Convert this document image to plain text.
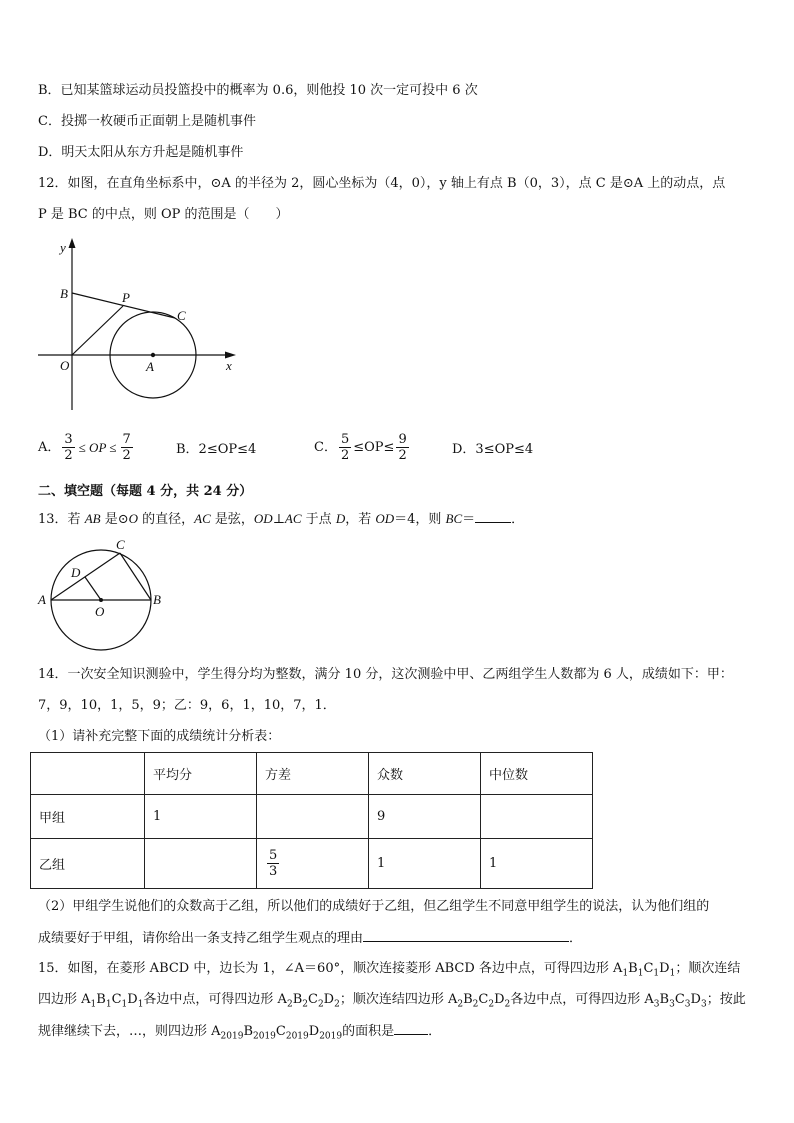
B．已知某篮球运动员投篮投中的概率为 0.6，则他投 10 次一定可投中 6 次
C．投掷一枚硬币正面朝上是随机事件
D．明天太阳从东方升起是随机事件
12．如图，在直角坐标系中，⊙A 的半径为 2，圆心坐标为（4，0），y 轴上有点 B（0，3），点 C 是⊙A 上的动点，点
P 是 BC 的中点，则 OP 的范围是（　　）
y
x
B	P
C
O	A
A． $\frac{3}{2}$ ≤ OP ≤ $\frac{7}{2}$	B．2≤OP≤4	C． $\frac{5}{2} \le OP\le \frac{9}{2}$	D．3≤OP≤4
二、填空题（每题 4 分，共 24 分）
13．若 AB 是⊙O 的直径，AC 是弦，OD⊥AC 于点 D，若 OD＝4，则 BC＝	．
C
D
A	B
O
14．一次安全知识测验中，学生得分均为整数，满分 10 分，这次测验中甲、乙两组学生人数都为 6 人，成绩如下：甲：
7，9，10，1，5，9；乙：9，6，1，10，7，1．
（1）请补充完整下面的成绩统计分析表：
	平均分	方差	众数	中位数
甲组	1		9	
乙组		$\frac{5}{3}$	1	1
（2）甲组学生说他们的众数高于乙组，所以他们的成绩好于乙组，但乙组学生不同意甲组学生的说法，认为他们组的
成绩要好于甲组，请你给出一条支持乙组学生观点的理由	．
15．如图，在菱形 ABCD 中，边长为 1，∠A＝60°，顺次连接菱形 ABCD 各边中点，可得四边形 $A_1B_1C_1D_1$；顺次连结
四边形 $A_1B_1C_1D_1$各边中点，可得四边形 $A_2B_2C_2D_2$；顺次连结四边形 $A_2B_2C_2D_2$各边中点，可得四边形 $A_3B_3C_3D_3$；按此
规律继续下去，…，则四边形 $A_{2019}B_{2019}C_{2019}D_{2019}$的面积是	．
